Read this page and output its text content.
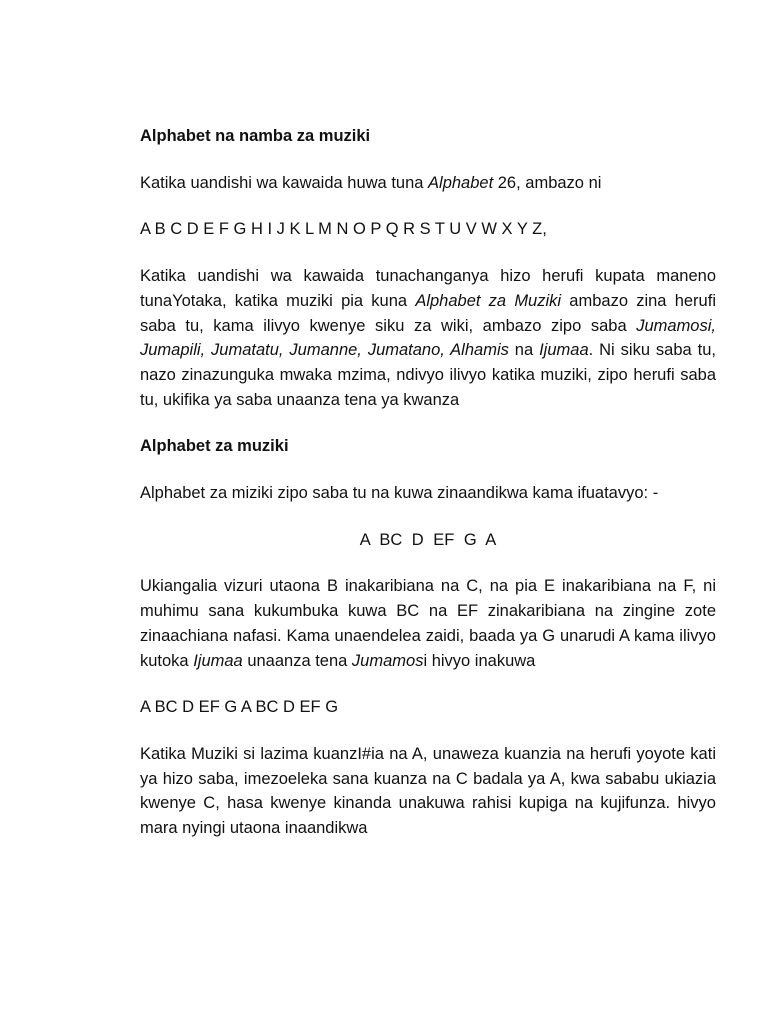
Alphabet na namba za muziki

Katika uandishi wa kawaida huwa tuna Alphabet 26, ambazo ni

A B C D E F G H I J K L M N O P Q R S T U V W X Y Z,

Katika uandishi wa kawaida tunachanganya hizo herufi kupata maneno tunaYotaka, katika muziki pia kuna Alphabet za Muziki ambazo zina herufi saba tu, kama ilivyo kwenye siku za wiki, ambazo zipo saba Jumamosi, Jumapili, Jumatatu, Jumanne, Jumatano, Alhamis na Ijumaa. Ni siku saba tu, nazo zinazunguka mwaka mzima, ndivyo ilivyo katika muziki, zipo herufi saba tu, ukifika ya saba unaanza tena ya kwanza

Alphabet za muziki

Alphabet za miziki zipo saba tu na kuwa zinaandikwa kama ifuatavyo: -

A BC D EF G A

Ukiangalia vizuri utaona B inakaribiana na C, na pia E inakaribiana na F, ni muhimu sana kukumbuka kuwa BC na EF zinakaribiana na zingine zote zinaachiana nafasi. Kama unaendelea zaidi, baada ya G unarudi A kama ilivyo kutoka Ijumaa unaanza tena Jumamosi hivyo inakuwa

A BC D EF G A BC D EF G

Katika Muziki si lazima kuanzI#ia na A, unaweza kuanzia na herufi yoyote kati ya hizo saba, imezoeleka sana kuanza na C badala ya A, kwa sababu ukiazia kwenye C, hasa kwenye kinanda unakuwa rahisi kupiga na kujifunza. hivyo mara nyingi utaona inaandikwa
